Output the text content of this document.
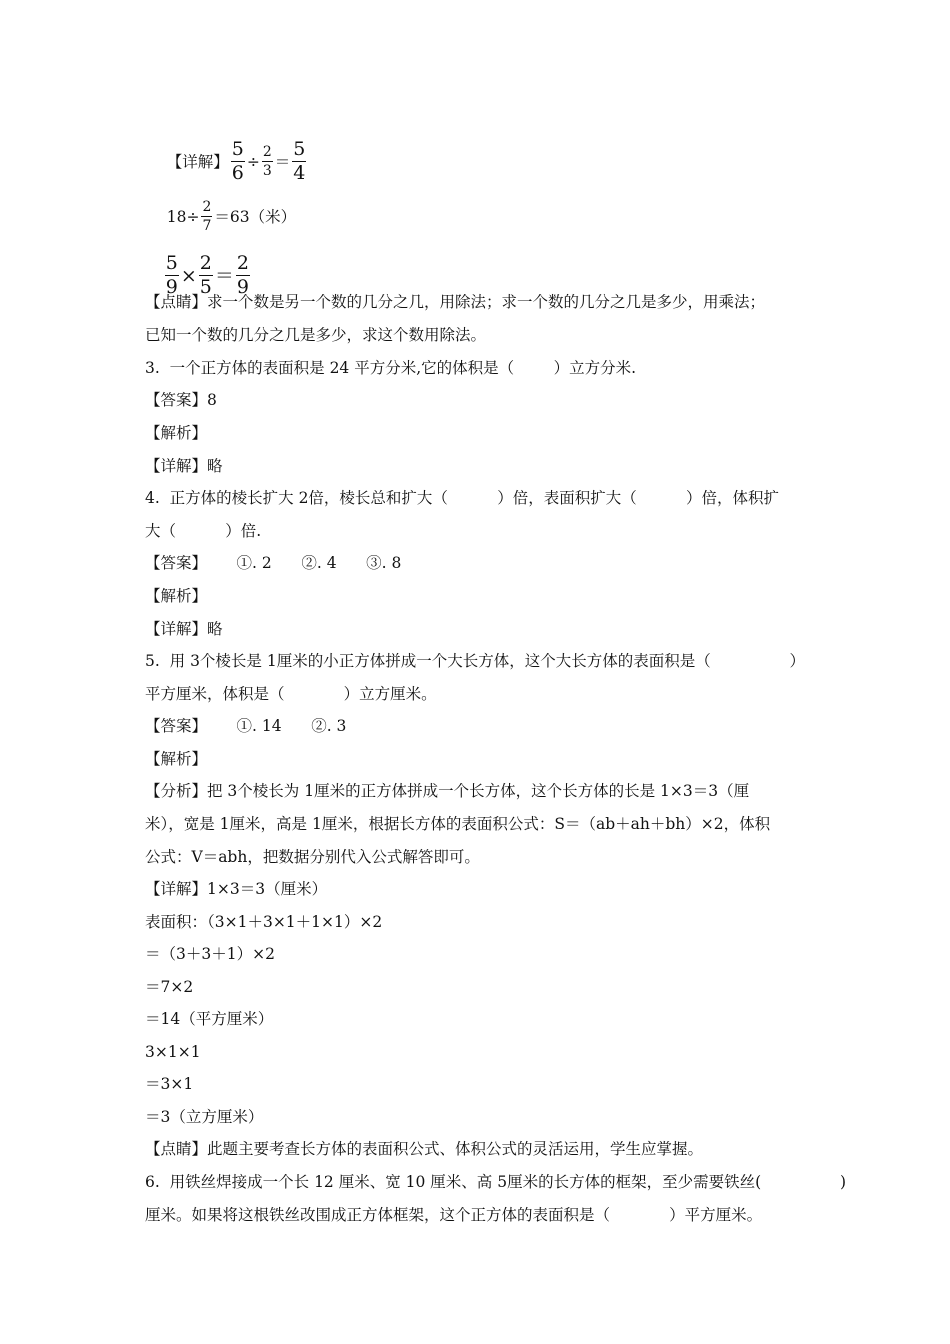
【详解】 $\frac{5}{6} \div \frac{2}{3} = \frac{5}{4}$

$18\div \frac{2}{7} =63$（米）

$\frac{5}{9} \times \frac{2}{5} = \frac{2}{9}$

【点睛】求一个数是另一个数的几分之几，用除法；求一个数的几分之几是多少，用乘法；
已知一个数的几分之几是多少，求这个数用除法。
3.  一个正方体的表面积是 24 平方分米,它的体积是（        ）立方分米.
【答案】8
【解析】
【详解】略
4.  正方体的棱长扩大 2倍，棱长总和扩大（          ）倍，表面积扩大（          ）倍，体积扩
大（          ）倍.
【答案】      ①. 2      ②. 4      ③. 8
【解析】
【详解】略
5.  用 3个棱长是 1厘米的小正方体拼成一个大长方体，这个大长方体的表面积是（                ）
平方厘米，体积是（            ）立方厘米。
【答案】      ①. 14      ②. 3
【解析】
【分析】把 3个棱长为 1厘米的正方体拼成一个长方体，这个长方体的长是 1×3＝3（厘
米），宽是 1厘米，高是 1厘米，根据长方体的表面积公式：S＝（ab＋ah＋bh）×2，体积
公式：V＝abh，把数据分别代入公式解答即可。
【详解】1×3＝3（厘米）
表面积：（3×1＋3×1＋1×1）×2
＝（3＋3＋1）×2
＝7×2
＝14（平方厘米）
3×1×1
＝3×1
＝3（立方厘米）
【点睛】此题主要考查长方体的表面积公式、体积公式的灵活运用，学生应掌握。
6.  用铁丝焊接成一个长 12 厘米、宽 10 厘米、高 5厘米的长方体的框架，至少需要铁丝(                )
厘米。如果将这根铁丝改围成正方体框架，这个正方体的表面积是（            ）平方厘米。
